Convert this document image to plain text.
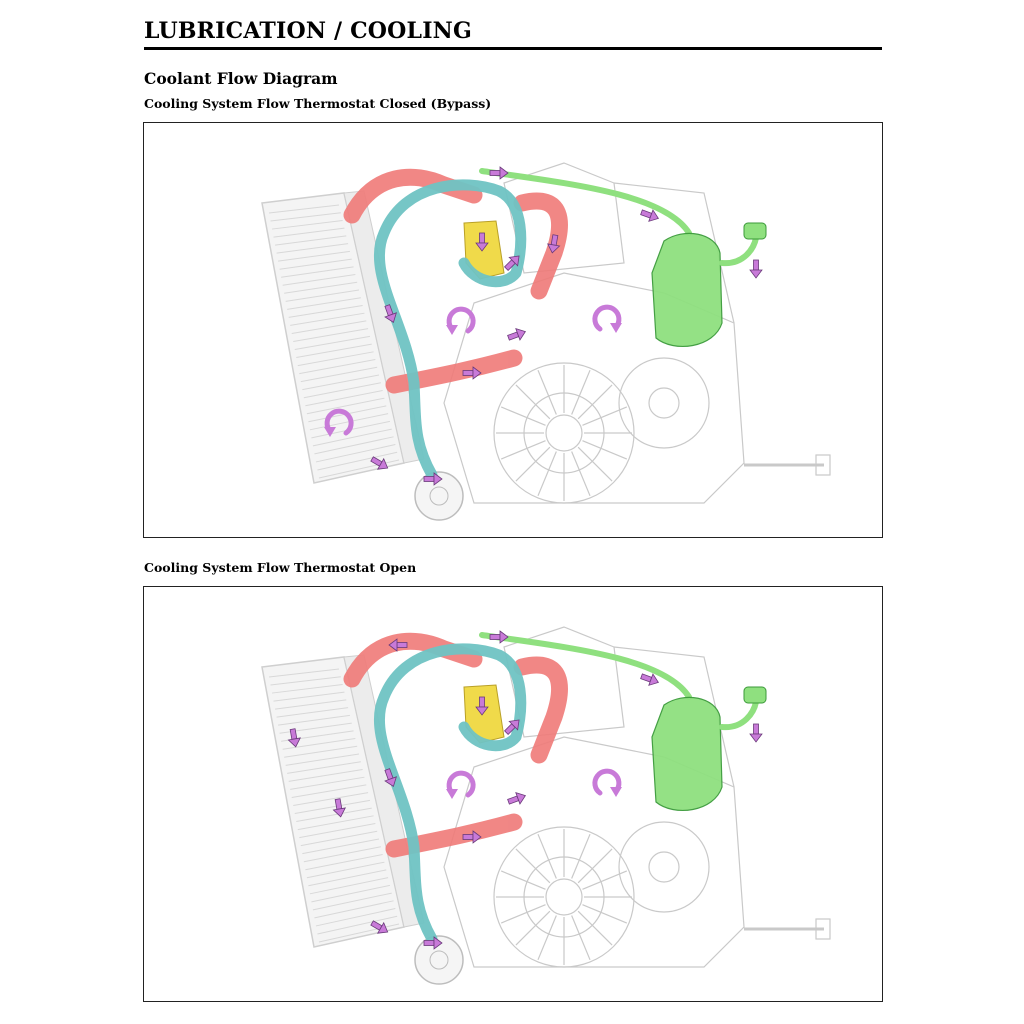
LUBRICATION / COOLING
Coolant Flow Diagram
Cooling System Flow Thermostat Closed (Bypass)
Cooling System Flow Thermostat Open
